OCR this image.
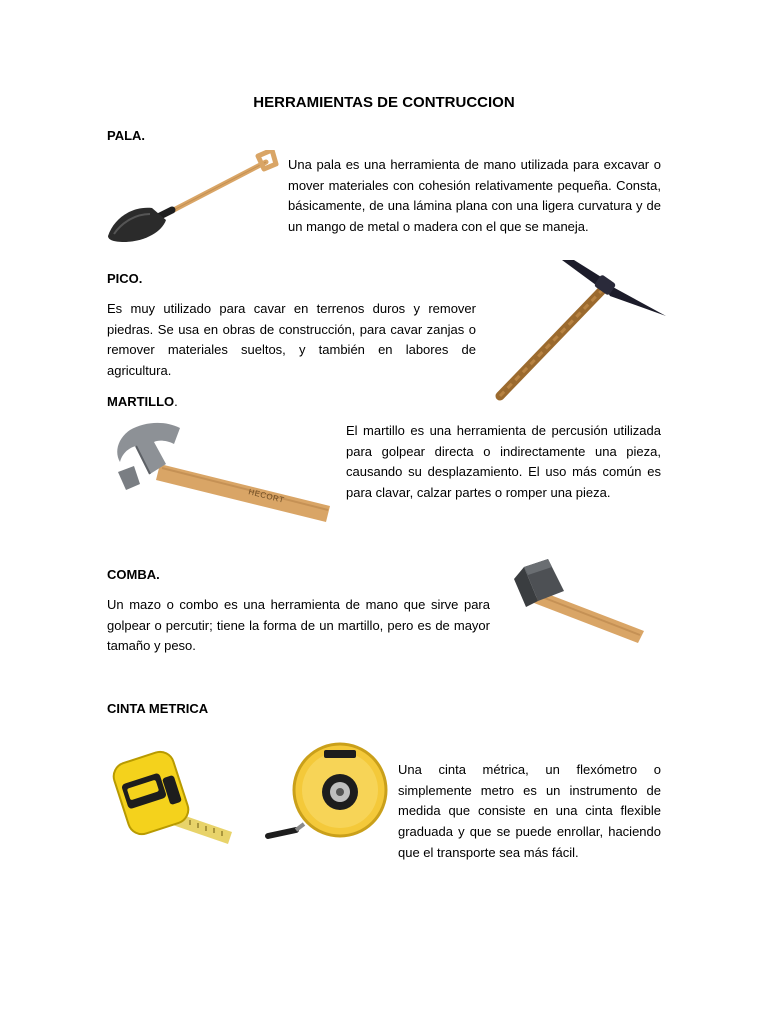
HERRAMIENTAS DE CONTRUCCION
PALA.
Una pala es una herramienta de mano utilizada para excavar o mover materiales con cohesión relativamente pequeña. Consta, básicamente, de una lámina plana con una ligera curvatura y de un mango de metal o madera con el que se maneja.
PICO.
Es muy utilizado para cavar en terrenos duros y remover piedras. Se usa en obras de construcción, para cavar zanjas o remover materiales sueltos, y también en labores de agricultura.
MARTILLO.
HECORT
El martillo es una herramienta de percusión utilizada para golpear directa o indirectamente una pieza, causando su desplazamiento. El uso más común es para clavar, calzar partes o romper una pieza.
COMBA.
Un mazo o combo es una herramienta de mano que sirve para golpear o percutir; tiene la forma de un martillo, pero es de mayor tamaño y peso.
CINTA METRICA
Una cinta métrica, un flexómetro o simplemente metro es un instrumento de medida que consiste en una cinta flexible graduada y que se puede enrollar, haciendo que el transporte sea más fácil.
